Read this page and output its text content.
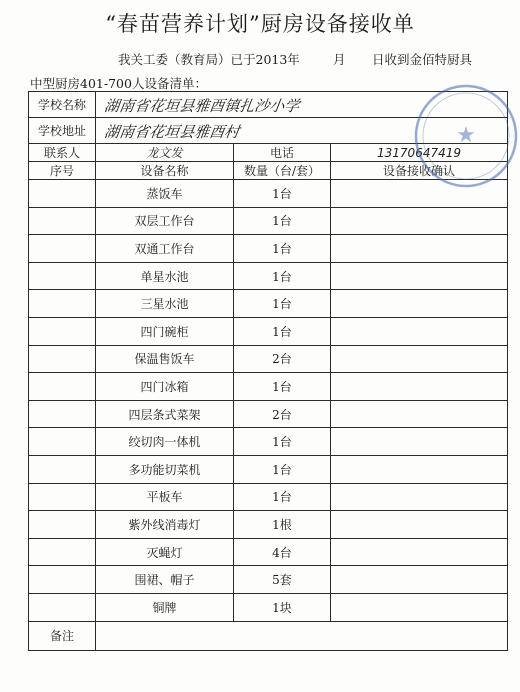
“春苗营养计划”厨房设备接收单
我关工委（教育局）已于2013年	月 日收到金佰特厨具
中型厨房401-700人设备清单：
学校名称	湖南省花垣县雅酉镇扎沙小学		
学校地址	湖南省花垣县雅酉村		
联系人	龙文发	电话	13170647419
序号	设备名称	数量（台/套）	设备接收确认
	蒸饭车	1台	
	双层工作台	1台	
	双通工作台	1台	
	单星水池	1台	
	三星水池	1台	
	四门碗柜	1台	
	保温售饭车	2台	
	四门冰箱	1台	
	四层条式菜架	2台	
	绞切肉一体机	1台	
	多功能切菜机	1台	
	平板车	1台	
	紫外线消毒灯	1根	
	灭蝇灯	4台	
	围裙、帽子	5套	
	铜牌	1块	
备注			
★
